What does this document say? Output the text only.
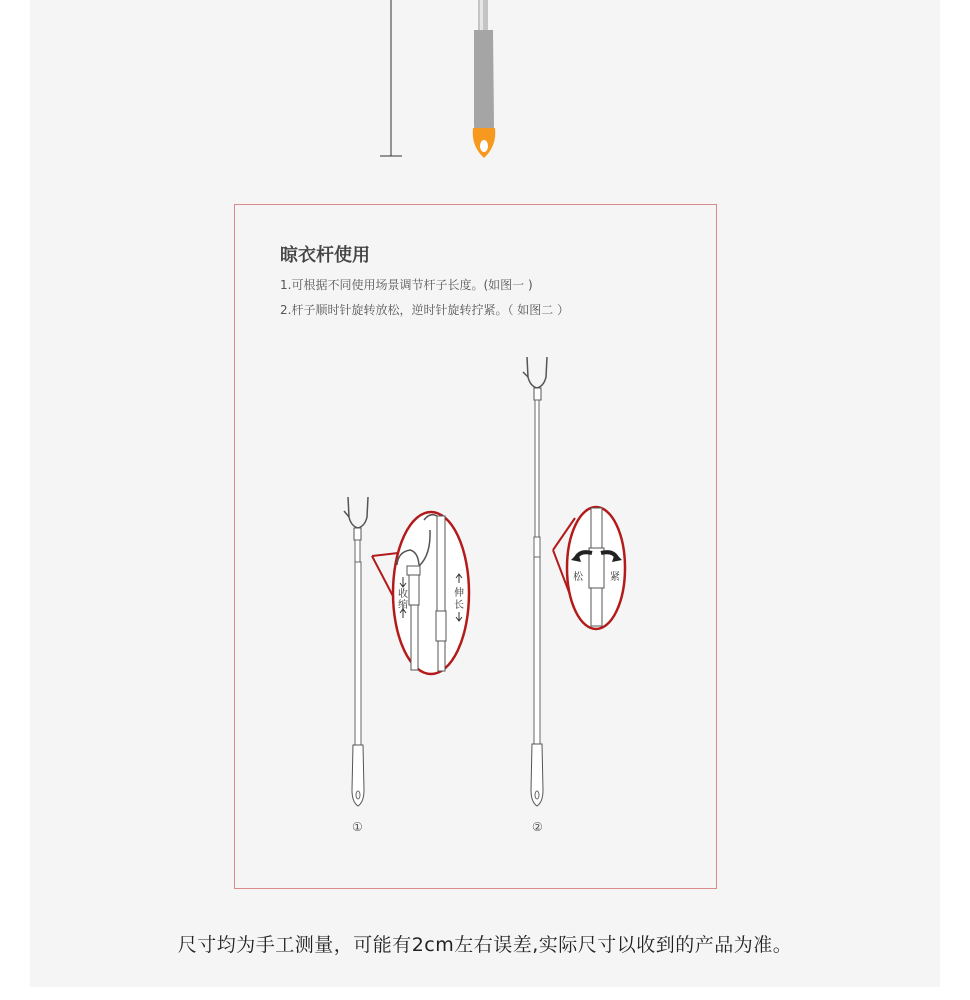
晾衣杆使用
1.可根据不同使用场景调节杆子长度。(如图一 )
2.杆子顺时针旋转放松，逆时针旋转拧紧。（ 如图二 ）
①	②
收
缩
伸
长
松	紧
尺寸均为手工测量，可能有2cm左右误差,实际尺寸以收到的产品为准。
